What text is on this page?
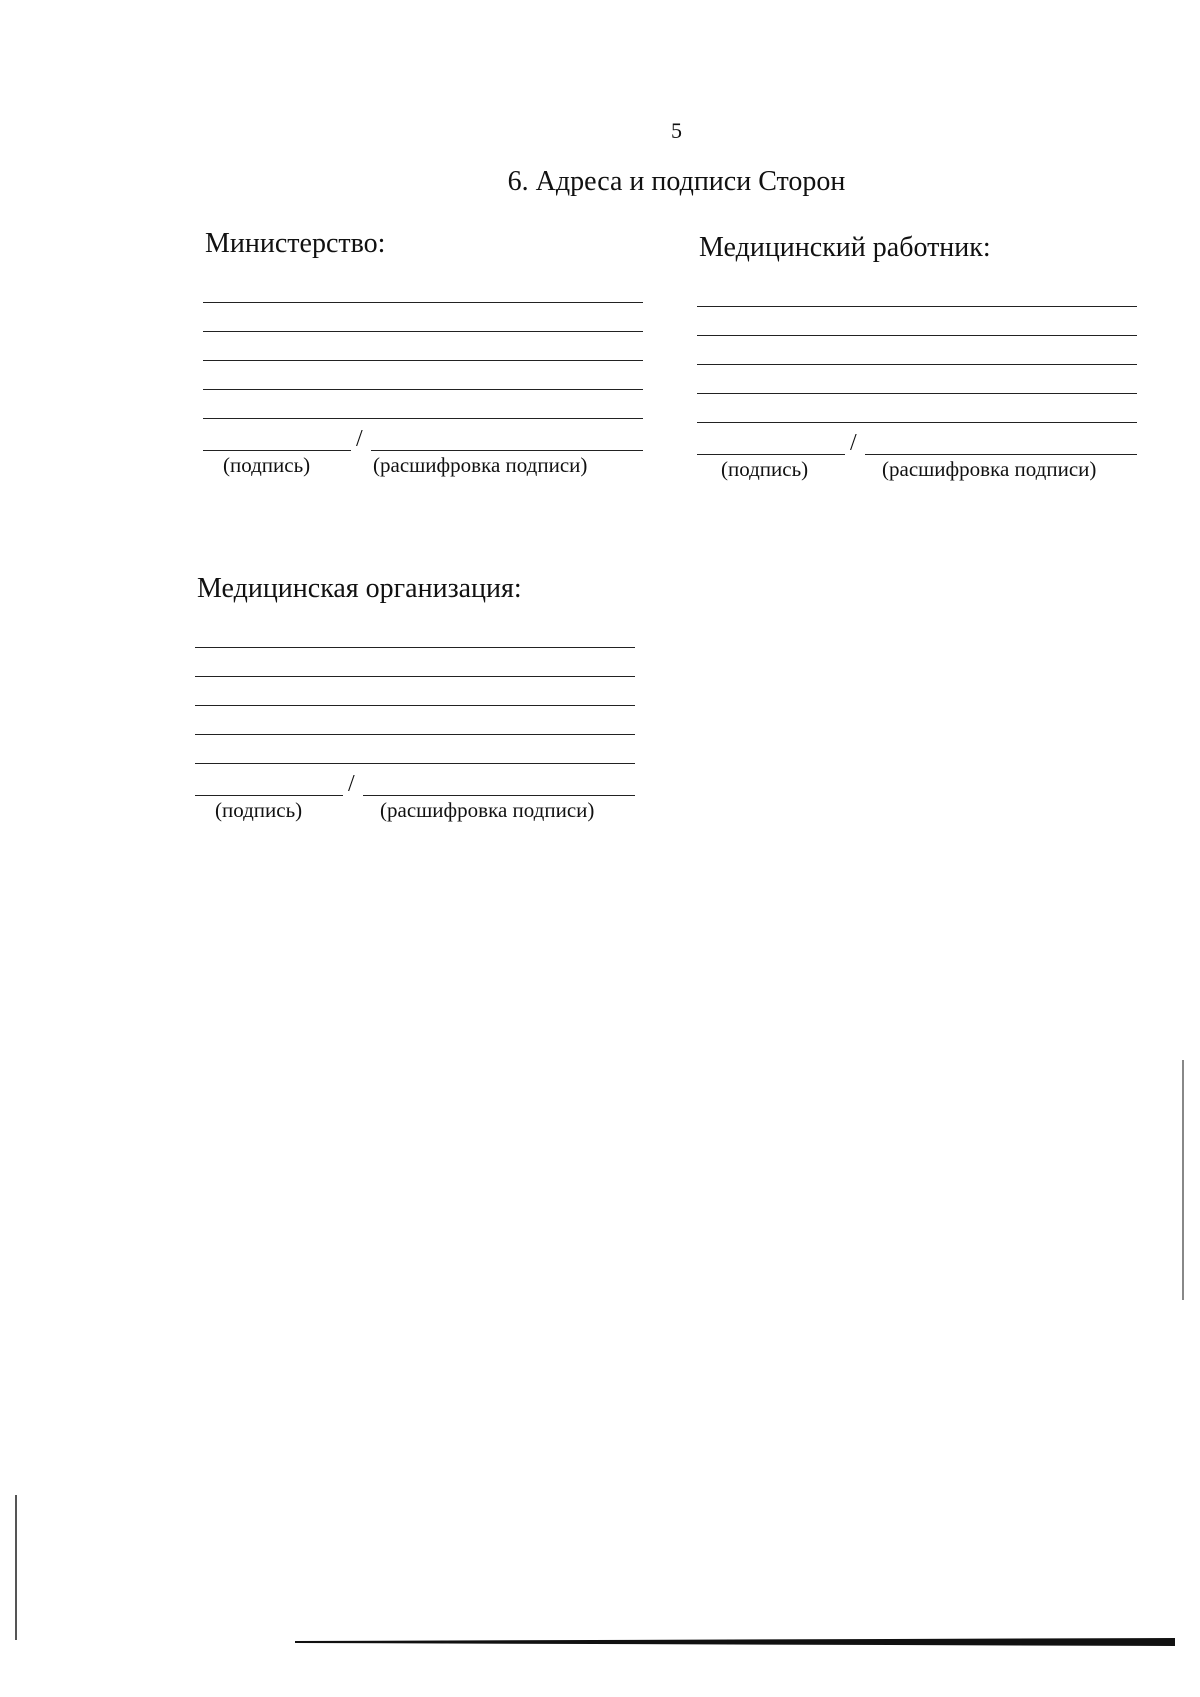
5
6. Адреса и подписи Сторон
Министерство:
/
(подпись)	(расшифровка подписи)
Медицинский работник:
/
(подпись)	(расшифровка подписи)
Медицинская организация:
/
(подпись)	(расшифровка подписи)
